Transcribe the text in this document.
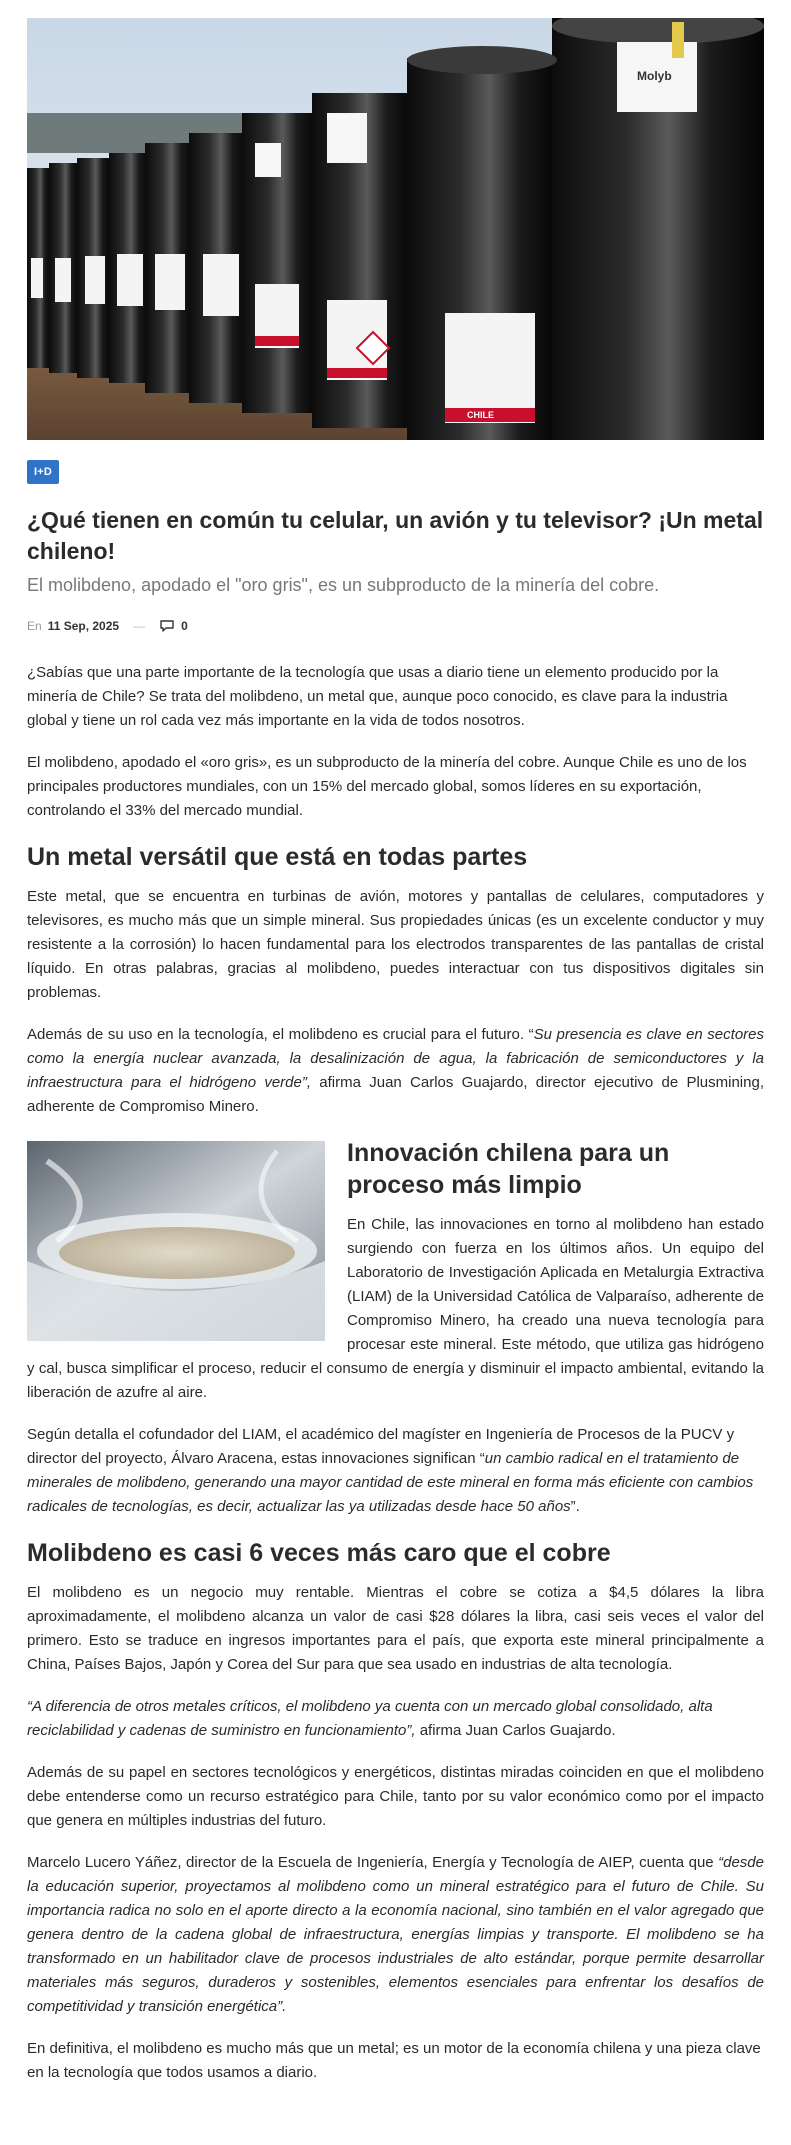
Molyb
CHILE
I+D
¿Qué tienen en común tu celular, un avión y tu televisor? ¡Un metal chileno!
El molibdeno, apodado el "oro gris", es un subproducto de la minería del cobre.
En 11 Sep, 2025 —	0

¿Sabías que una parte importante de la tecnología que usas a diario tiene un elemento producido por la minería de Chile? Se trata del molibdeno, un metal que, aunque poco conocido, es clave para la industria global y tiene un rol cada vez más importante en la vida de todos nosotros.

El molibdeno, apodado el «oro gris», es un subproducto de la minería del cobre. Aunque Chile es uno de los principales productores mundiales, con un 15% del mercado global, somos líderes en su exportación, controlando el 33% del mercado mundial.

Un metal versátil que está en todas partes

Este metal, que se encuentra en turbinas de avión, motores y pantallas de celulares, computadores y televisores, es mucho más que un simple mineral. Sus propiedades únicas (es un excelente conductor y muy resistente a la corrosión) lo hacen fundamental para los electrodos transparentes de las pantallas de cristal líquido. En otras palabras, gracias al molibdeno, puedes interactuar con tus dispositivos digitales sin problemas.

Además de su uso en la tecnología, el molibdeno es crucial para el futuro. “Su presencia es clave en sectores como la energía nuclear avanzada, la desalinización de agua, la fabricación de semiconductores y la infraestructura para el hidrógeno verde”, afirma Juan Carlos Guajardo, director ejecutivo de Plusmining, adherente de Compromiso Minero.

Innovación chilena para un proceso más limpio

En Chile, las innovaciones en torno al molibdeno han estado surgiendo con fuerza en los últimos años. Un equipo del Laboratorio de Investigación Aplicada en Metalurgia Extractiva (LIAM) de la Universidad Católica de Valparaíso, adherente de Compromiso Minero, ha creado una nueva tecnología para procesar este mineral. Este método, que utiliza gas hidrógeno y cal, busca simplificar el proceso, reducir el consumo de energía y disminuir el impacto ambiental, evitando la liberación de azufre al aire.

Según detalla el cofundador del LIAM, el académico del magíster en Ingeniería de Procesos de la PUCV y director del proyecto, Álvaro Aracena, estas innovaciones significan “un cambio radical en el tratamiento de minerales de molibdeno, generando una mayor cantidad de este mineral en forma más eficiente con cambios radicales de tecnologías, es decir, actualizar las ya utilizadas desde hace 50 años”.

Molibdeno es casi 6 veces más caro que el cobre

El molibdeno es un negocio muy rentable. Mientras el cobre se cotiza a $4,5 dólares la libra aproximadamente, el molibdeno alcanza un valor de casi $28 dólares la libra, casi seis veces el valor del primero. Esto se traduce en ingresos importantes para el país, que exporta este mineral principalmente a China, Países Bajos, Japón y Corea del Sur para que sea usado en industrias de alta tecnología.

“A diferencia de otros metales críticos, el molibdeno ya cuenta con un mercado global consolidado, alta reciclabilidad y cadenas de suministro en funcionamiento”, afirma Juan Carlos Guajardo.

Además de su papel en sectores tecnológicos y energéticos, distintas miradas coinciden en que el molibdeno debe entenderse como un recurso estratégico para Chile, tanto por su valor económico como por el impacto que genera en múltiples industrias del futuro.

Marcelo Lucero Yáñez, director de la Escuela de Ingeniería, Energía y Tecnología de AIEP, cuenta que “desde la educación superior, proyectamos al molibdeno como un mineral estratégico para el futuro de Chile. Su importancia radica no solo en el aporte directo a la economía nacional, sino también en el valor agregado que genera dentro de la cadena global de infraestructura, energías limpias y transporte. El molibdeno se ha transformado en un habilitador clave de procesos industriales de alto estándar, porque permite desarrollar materiales más seguros, duraderos y sostenibles, elementos esenciales para enfrentar los desafíos de competitividad y transición energética”.

En definitiva, el molibdeno es mucho más que un metal; es un motor de la economía chilena y una pieza clave en la tecnología que todos usamos a diario.
